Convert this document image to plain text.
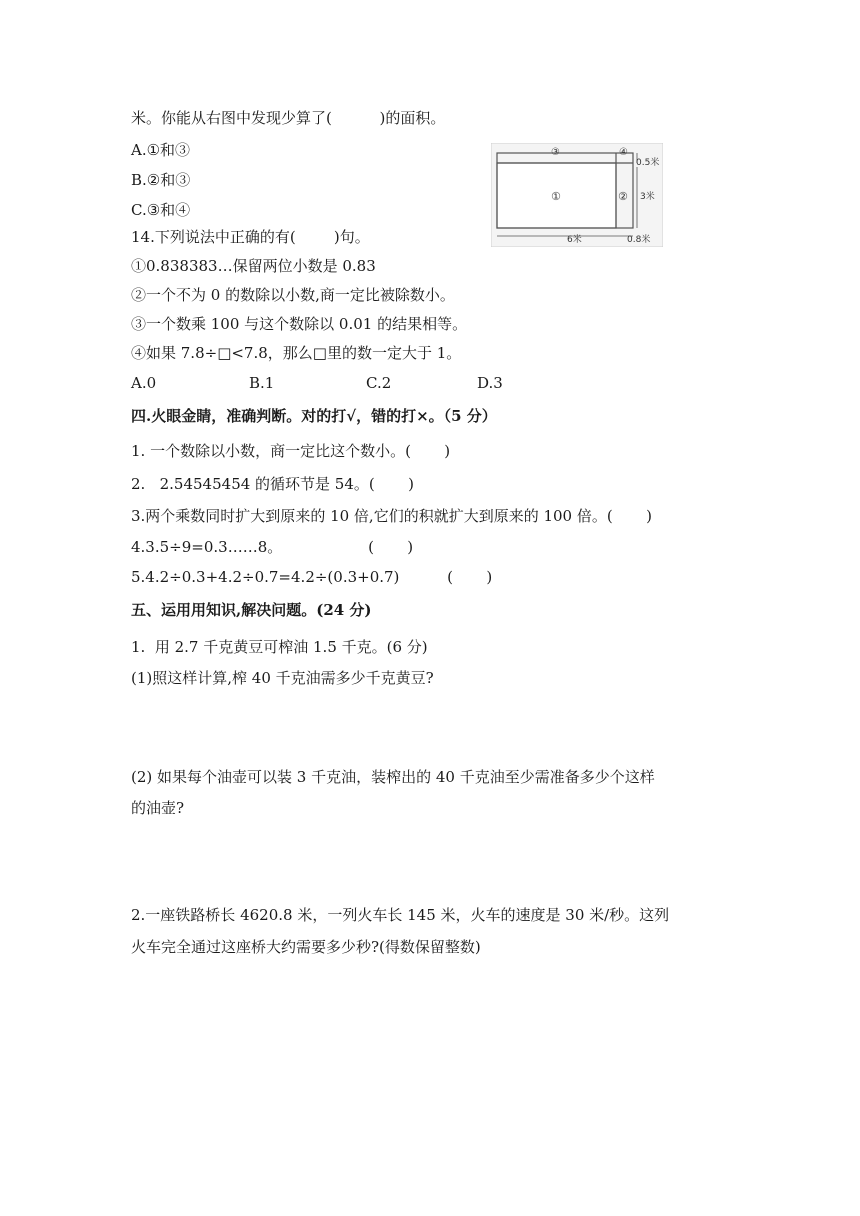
米。你能从右图中发现少算了(          )的面积。
A.①和③
B.②和③
C.③和④
③	④
①	②
0.5米
3米
6米	0.8米
14.下列说法中正确的有(        )句。
①0.838383…保留两位小数是 0.83
②一个不为 0 的数除以小数,商一定比被除数小。
③一个数乘 100 与这个数除以 0.01 的结果相等。
④如果 7.8÷□<7.8，那么□里的数一定大于 1。
A.0	B.1	C.2	D.3
四.火眼金睛，准确判断。对的打√，错的打×。（5 分）
1. 一个数除以小数，商一定比这个数小。(       )
2.   2.54545454 的循环节是 54。(       )
3.两个乘数同时扩大到原来的 10 倍,它们的积就扩大到原来的 100 倍。(       )
4.3.5÷9=0.3……8。                  (       )
5.4.2÷0.3+4.2÷0.7=4.2÷(0.3+0.7)          (       )
五、运用用知识,解决问题。(24 分)
1.  用 2.7 千克黄豆可榨油 1.5 千克。(6 分)
(1)照这样计算,榨 40 千克油需多少千克黄豆?
(2) 如果每个油壶可以装 3 千克油，装榨出的 40 千克油至少需准备多少个这样
的油壶?
2.一座铁路桥长 4620.8 米，一列火车长 145 米，火车的速度是 30 米/秒。这列
火车完全通过这座桥大约需要多少秒?(得数保留整数)
